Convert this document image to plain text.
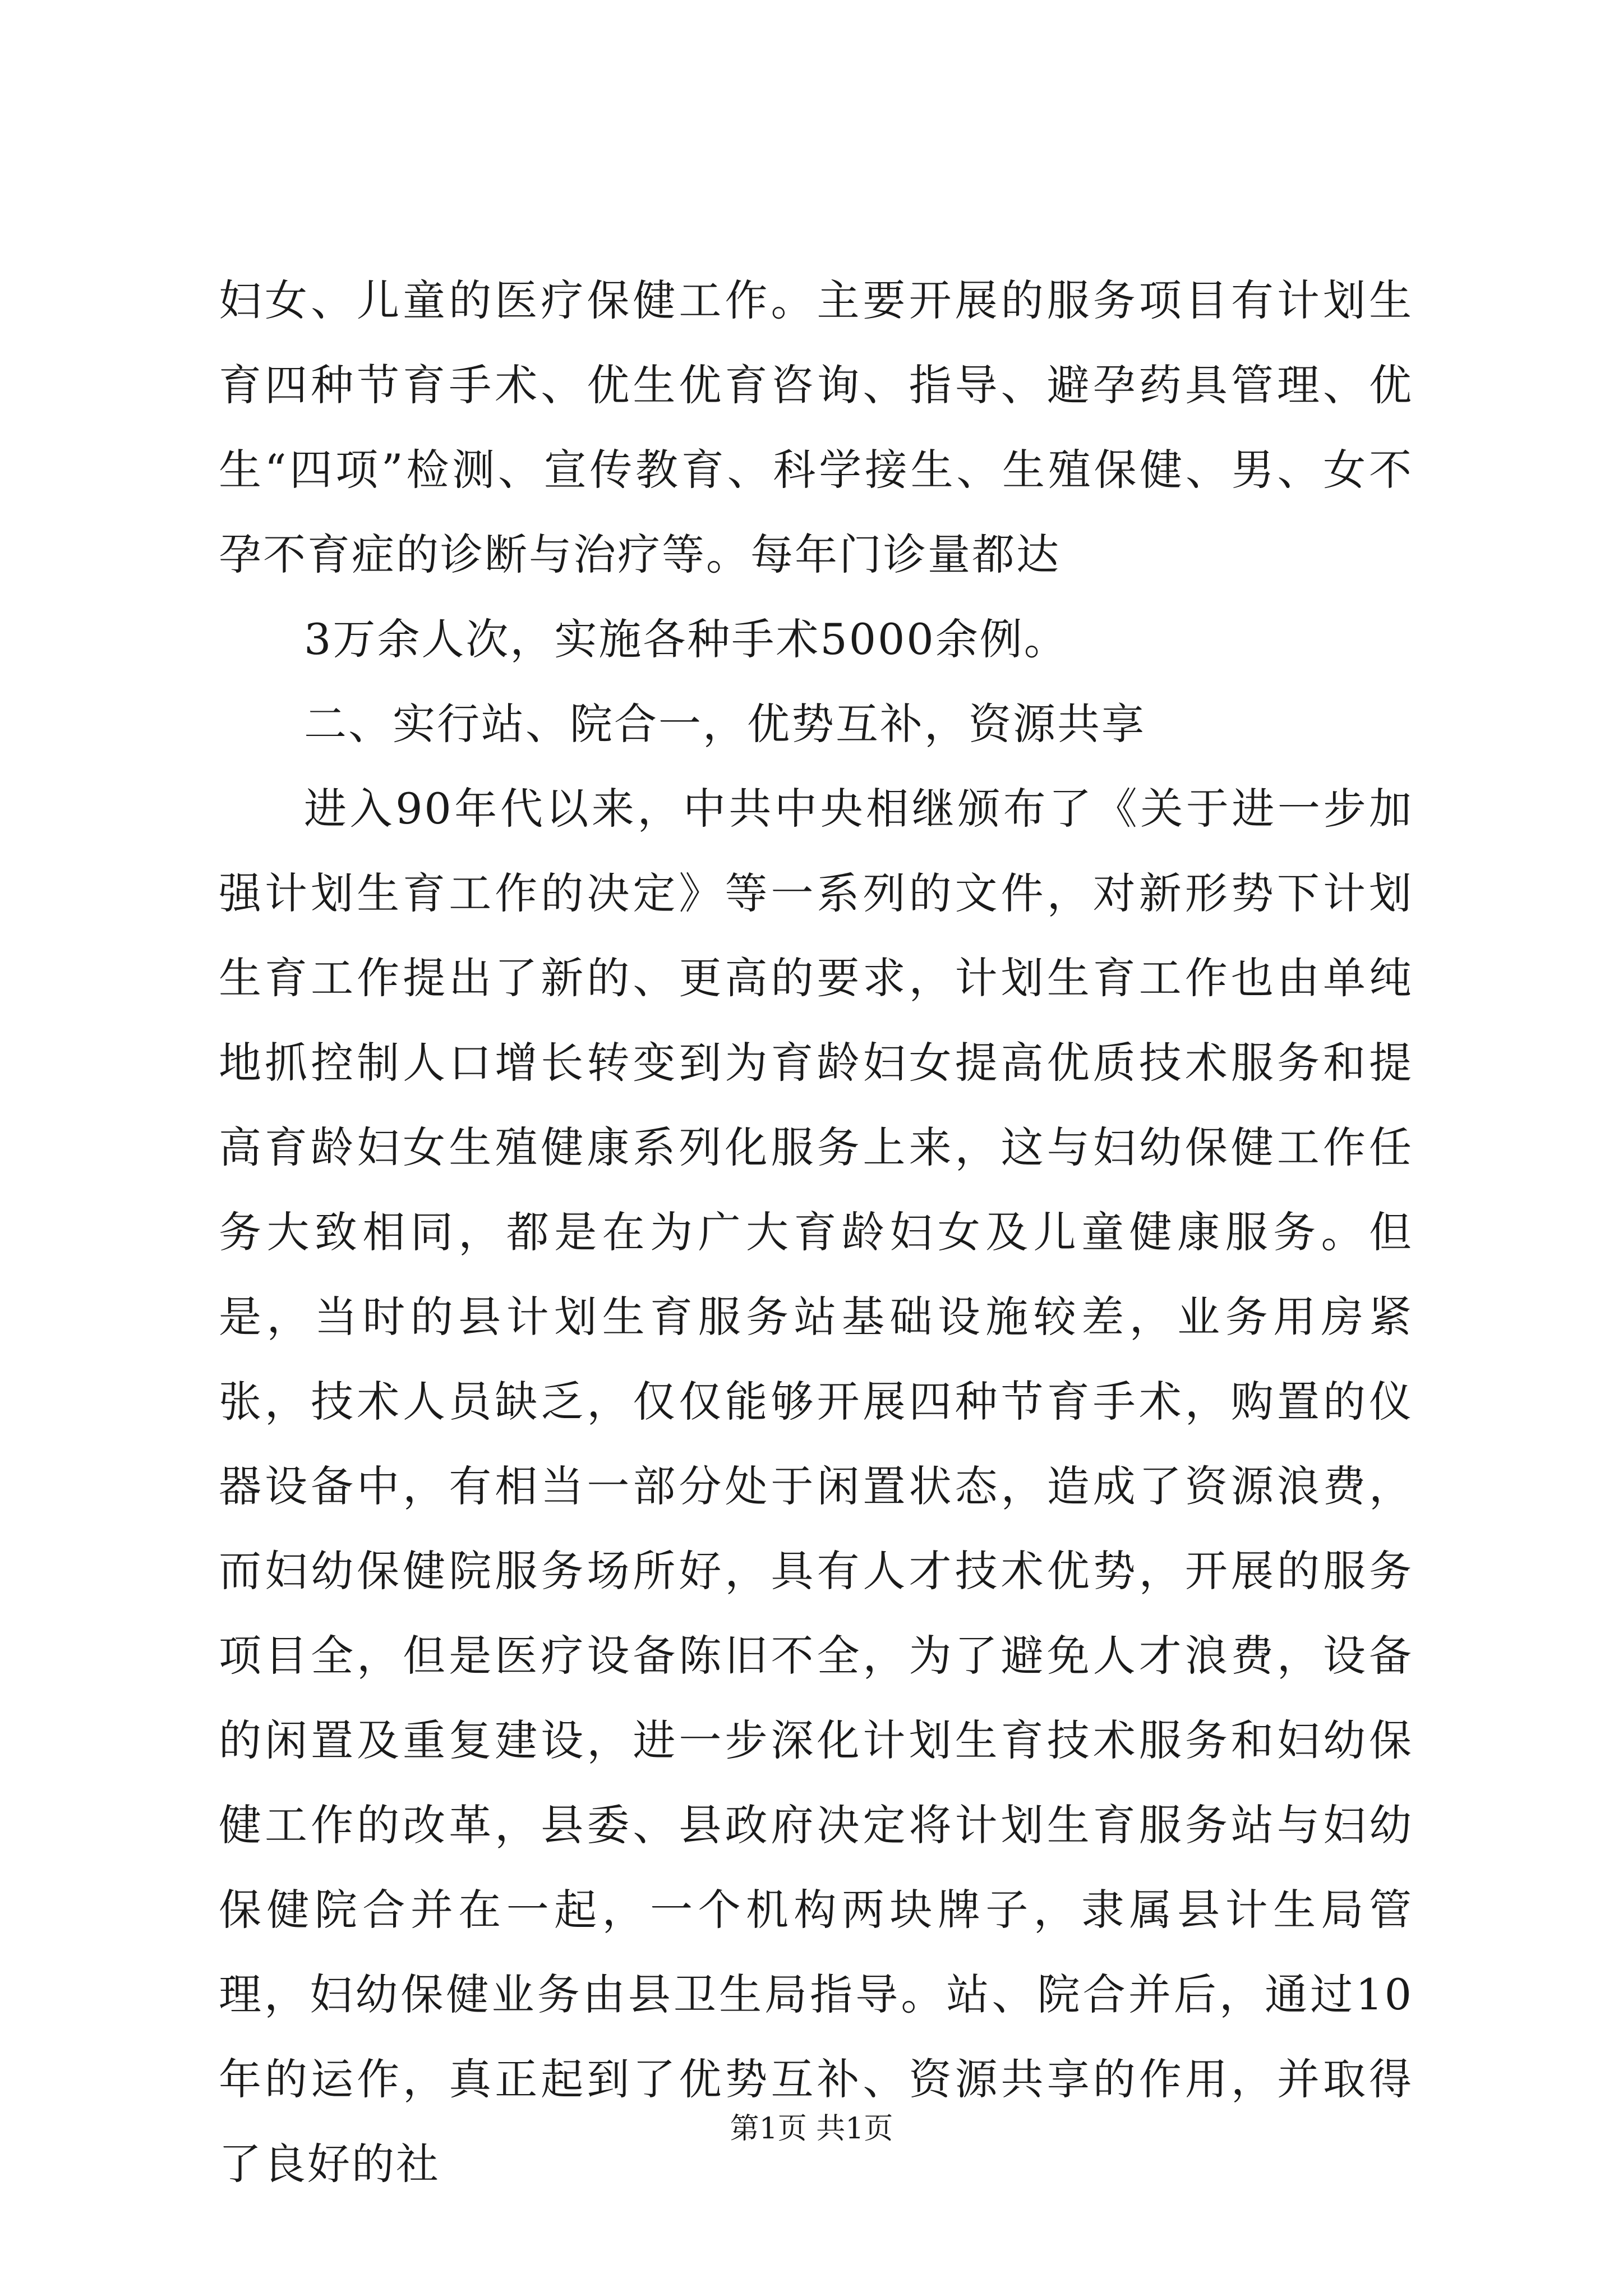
妇女、儿童的医疗保健工作。主要开展的服务项目有计划生育四种节育手术、优生优育咨询、指导、避孕药具管理、优生“四项”检测、宣传教育、科学接生、生殖保健、男、女不孕不育症的诊断与治疗等。每年门诊量都达

3万余人次，实施各种手术5000余例。

二、实行站、院合一，优势互补，资源共享

进入90年代以来，中共中央相继颁布了《关于进一步加强计划生育工作的决定》等一系列的文件，对新形势下计划生育工作提出了新的、更高的要求，计划生育工作也由单纯地抓控制人口增长转变到为育龄妇女提高优质技术服务和提高育龄妇女生殖健康系列化服务上来，这与妇幼保健工作任务大致相同，都是在为广大育龄妇女及儿童健康服务。但是，当时的县计划生育服务站基础设施较差，业务用房紧张，技术人员缺乏，仅仅能够开展四种节育手术，购置的仪器设备中，有相当一部分处于闲置状态，造成了资源浪费，而妇幼保健院服务场所好，具有人才技术优势，开展的服务项目全，但是医疗设备陈旧不全，为了避免人才浪费，设备的闲置及重复建设，进一步深化计划生育技术服务和妇幼保健工作的改革，县委、县政府决定将计划生育服务站与妇幼保健院合并在一起，一个机构两块牌子，隶属县计生局管理，妇幼保健业务由县卫生局指导。站、院合并后，通过10年的运作，真正起到了优势互补、资源共享的作用，并取得了良好的社

第1页 共1页
